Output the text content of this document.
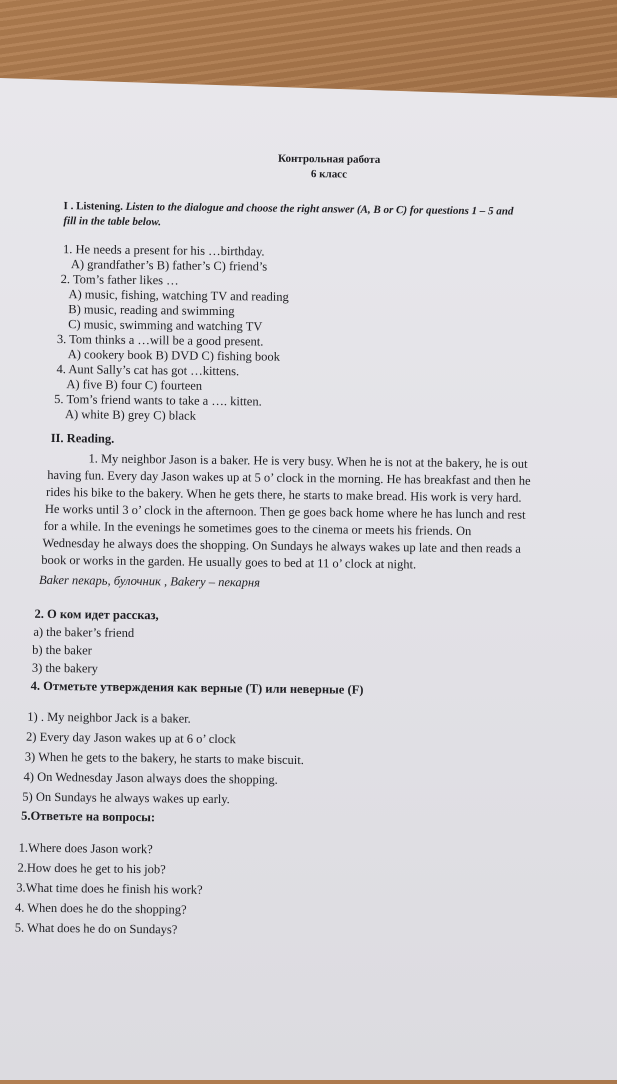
Контрольная работа
6 класс
I . Listening. Listen to the dialogue and choose the right answer (A, B or C) for questions 1 – 5 and
fill in the table below.
1. He needs a present for his …birthday.
A) grandfather’s B) father’s C) friend’s
2. Tom’s father likes …
A) music, fishing, watching TV and reading
B) music, reading and swimming
C) music, swimming and watching TV
3. Tom thinks a …will be a good present.
A) cookery book B) DVD C) fishing book
4. Aunt Sally’s cat has got …kittens.
A) five B) four C) fourteen
5. Tom’s friend wants to take a …. kitten.
A) white B) grey C) black
II. Reading.
1. My neighbor Jason is a baker. He is very busy. When he is not at the bakery, he is out
having fun. Every day Jason wakes up at 5 o’ clock in the morning. He has breakfast and then he
rides his bike to the bakery. When he gets there, he starts to make bread. His work is very hard.
He works until 3 o’ clock in the afternoon. Then ge goes back home where he has lunch and rest
for a while. In the evenings he sometimes goes to the cinema or meets his friends. On
Wednesday he always does the shopping. On Sundays he always wakes up late and then reads a
book or works in the garden. He usually goes to bed at 11 o’ clock at night.
Baker пекарь, булочник , Bakery – пекарня
2. О ком идет рассказ,
a) the baker’s friend
b) the baker
3) the bakery
4. Отметьте утверждения как верные (T) или неверные (F)
1) . My neighbor Jack is a baker.
2) Every day Jason wakes up at 6 o’ clock
3) When he gets to the bakery, he starts to make biscuit.
4) On Wednesday Jason always does the shopping.
5) On Sundays he always wakes up early.
5.Ответьте на вопросы:
1.Where does Jason work?
2.How does he get to his job?
3.What time does he finish his work?
4. When does he do the shopping?
5. What does he do on Sundays?
